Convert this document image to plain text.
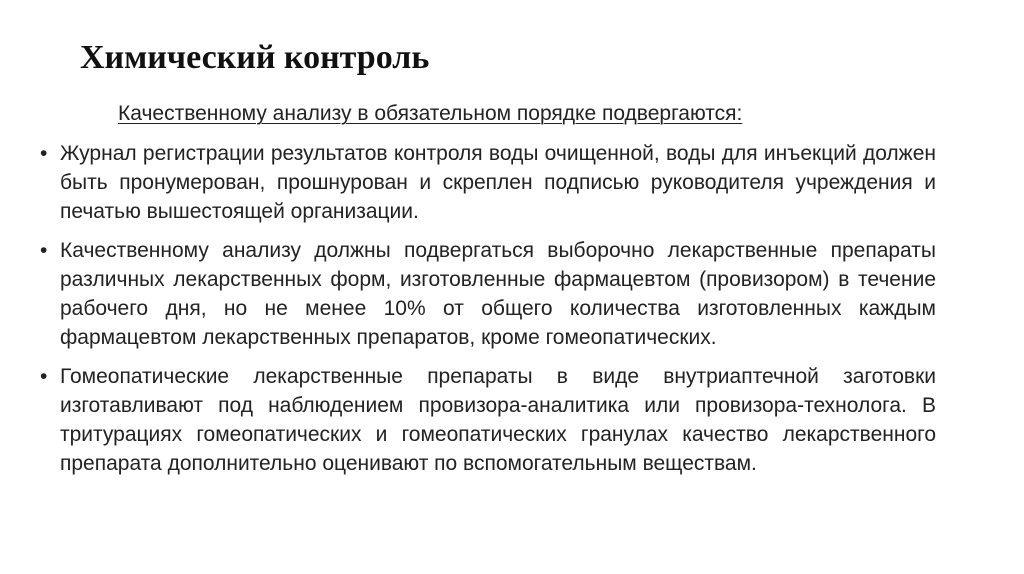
Химический контроль

Качественному анализу в обязательном порядке подвергаются:

• Журнал регистрации результатов контроля воды очищенной, воды для инъекций должен быть пронумерован, прошнурован и скреплен подписью руководителя учреждения и печатью вышестоящей организации.
• Качественному анализу должны подвергаться выборочно лекарственные препараты различных лекарственных форм, изготовленные фармацевтом (провизором) в течение рабочего дня, но не менее 10% от общего количества изготовленных каждым фармацевтом лекарственных препаратов, кроме гомеопатических.
• Гомеопатические лекарственные препараты в виде внутриаптечной заготовки изготавливают под наблюдением провизора-аналитика или провизора-технолога. В тритурациях гомеопатических и гомеопатических гранулах качество лекарственного препарата дополнительно оценивают по вспомогательным веществам.
